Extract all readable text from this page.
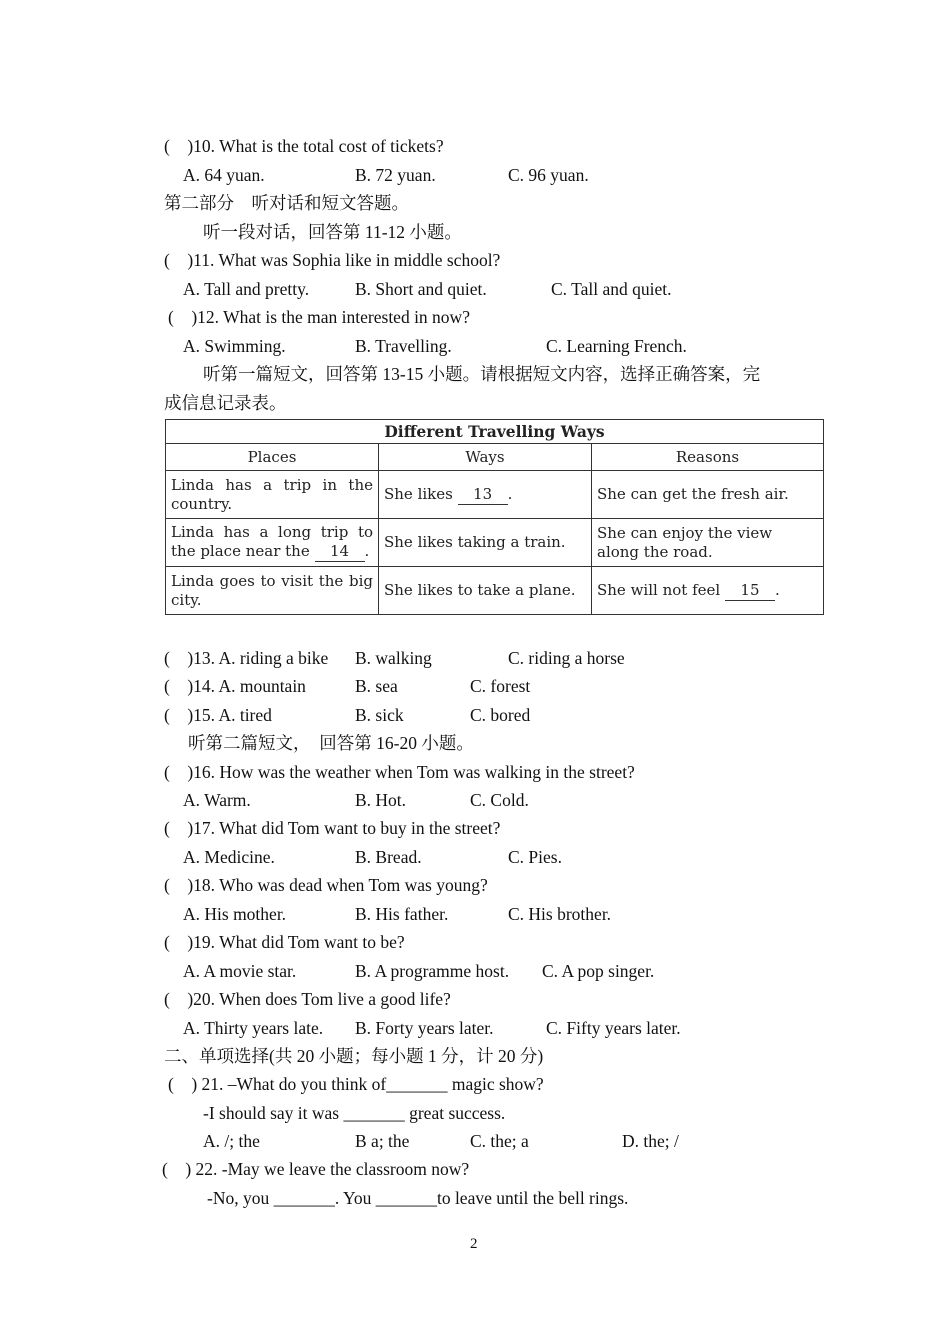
(    )10. What is the total cost of tickets?
A. 64 yuan.	B. 72 yuan.	C. 96 yuan.
第二部分    听对话和短文答题。
听一段对话，回答第 11-12 小题。
(    )11. What was Sophia like in middle school?
A. Tall and pretty.	B. Short and quiet.	C. Tall and quiet.
(    )12. What is the man interested in now?
A. Swimming.	B. Travelling.	C. Learning French.
听第一篇短文，回答第 13-15 小题。请根据短文内容，选择正确答案，完
成信息记录表。
Different Travelling Ways
Places	Ways	Reasons
Linda has a trip in the country.	She likes 13 .	She can get the fresh air.
Linda has a long trip to the place near the 14 .	She likes taking a train.	She can enjoy the view along the road.
Linda goes to visit the big city.	She likes to take a plane.	She will not feel 15 .
(    )13. A. riding a bike B. walking	C. riding a horse
(    )14. A. mountain	B. sea	C. forest
(    )15. A. tired	B. sick	C. bored
听第二篇短文，  回答第 16-20 小题。
(    )16. How was the weather when Tom was walking in the street?
A. Warm.	B. Hot.	C. Cold.
(    )17. What did Tom want to buy in the street?
A. Medicine.	B. Bread.	C. Pies.
(    )18. Who was dead when Tom was young?
A. His mother.	B. His father.	C. His brother.
(    )19. What did Tom want to be?
A. A movie star.	B. A programme host. C. A pop singer.
(    )20. When does Tom live a good life?
A. Thirty years late. B. Forty years later.	C. Fifty years later.
二、单项选择(共 20 小题；每小题 1 分，计 20 分)
(    ) 21. –What do you think of_______ magic show?
-I should say it was _______ great success.
A. /; the	B a; the	C. the; a	D. the; /
(    ) 22. -May we leave the classroom now?
-No, you _______. You _______to leave until the bell rings.
2
